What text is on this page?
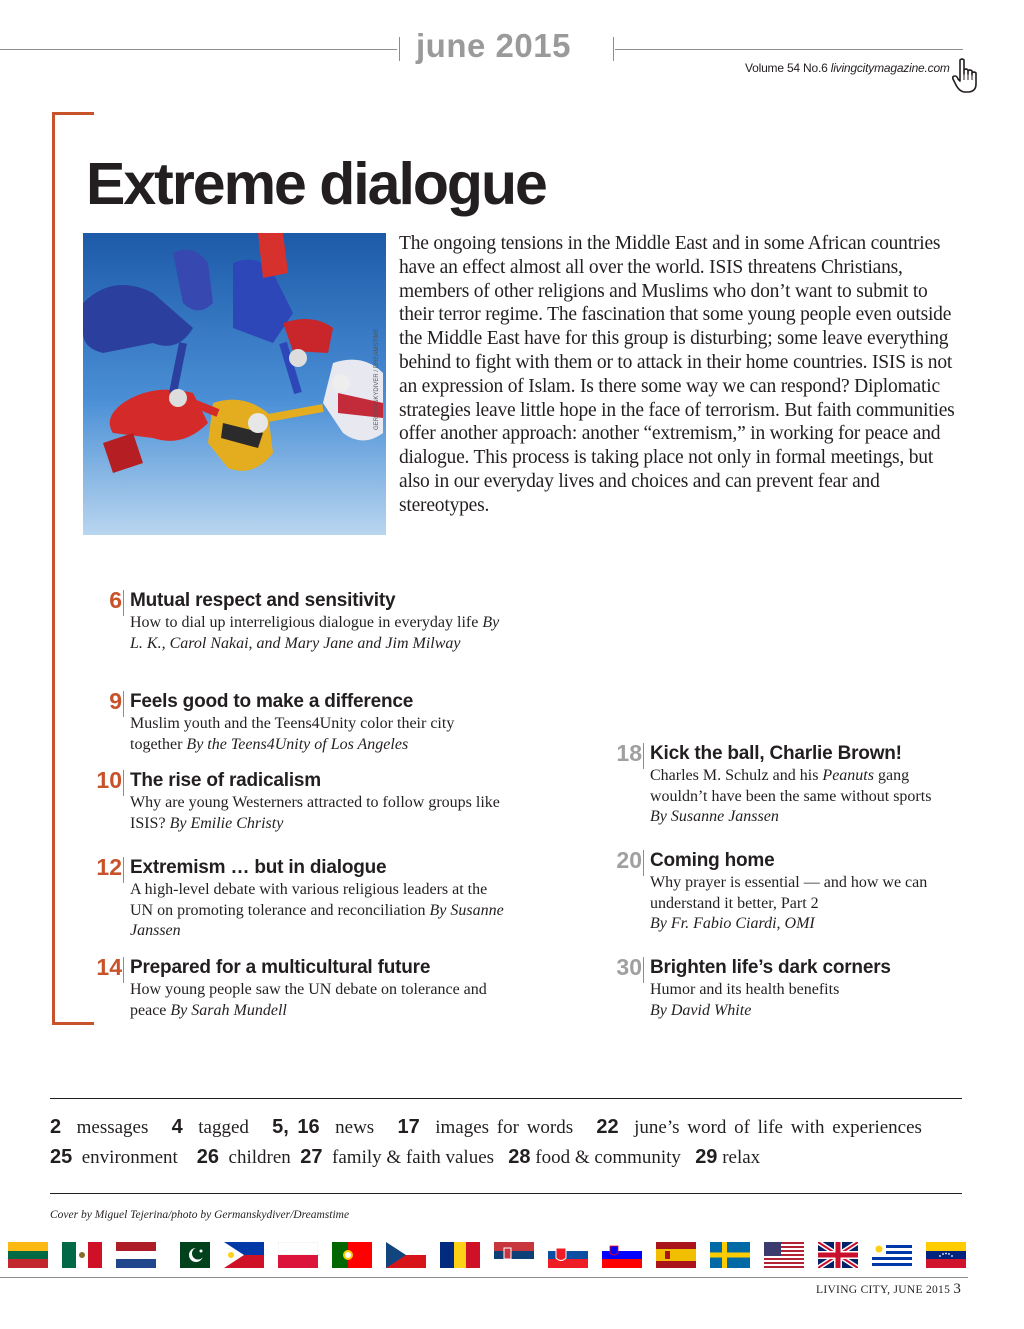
june 2015
Volume 54 No.6 livingcitymagazine.com
Extreme dialogue
GERMANSKYDIVER / DREAMSTIME
The ongoing tensions in the Middle East and in some African countries have an effect almost all over the world. ISIS threatens Christians, members of other religions and Muslims who don’t want to submit to their terror regime. The fascination that some young people even outside the Middle East have for this group is disturbing; some leave everything behind to fight with them or to attack in their home countries. ISIS is not an expression of Islam. Is there some way we can respond? Diplomatic strategies leave little hope in the face of terrorism. But faith communities offer another approach: another “extremism,” in working for peace and dialogue. This process is taking place not only in formal meetings, but also in our everyday lives and choices and can prevent fear and stereotypes.
6 Mutual respect and sensitivity
How to dial up interreligious dialogue in everyday life By L. K., Carol Nakai, and Mary Jane and Jim Milway
9 Feels good to make a difference
Muslim youth and the Teens4Unity color their city together By the Teens4Unity of Los Angeles
10 The rise of radicalism
Why are young Westerners attracted to follow groups like ISIS? By Emilie Christy
12 Extremism … but in dialogue
A high-level debate with various religious leaders at the UN on promoting tolerance and reconciliation By Susanne Janssen
14 Prepared for a multicultural future
How young people saw the UN debate on tolerance and peace By Sarah Mundell
18 Kick the ball, Charlie Brown!
Charles M. Schulz and his Peanuts gang wouldn’t have been the same without sports
By Susanne Janssen
20 Coming home
Why prayer is essential — and how we can understand it better, Part 2
By Fr. Fabio Ciardi, OMI
30 Brighten life’s dark corners
Humor and its health benefits
By David White
2 messages 4 tagged 5, 16 news 17 images for words 22 june’s word of life with experiences
25 environment 26 children 27 family & faith values 28 food & community 29 relax
Cover by Miguel Tejerina/photo by Germanskydiver/Dreamstime
LIVING CITY, JUNE 2015 3
